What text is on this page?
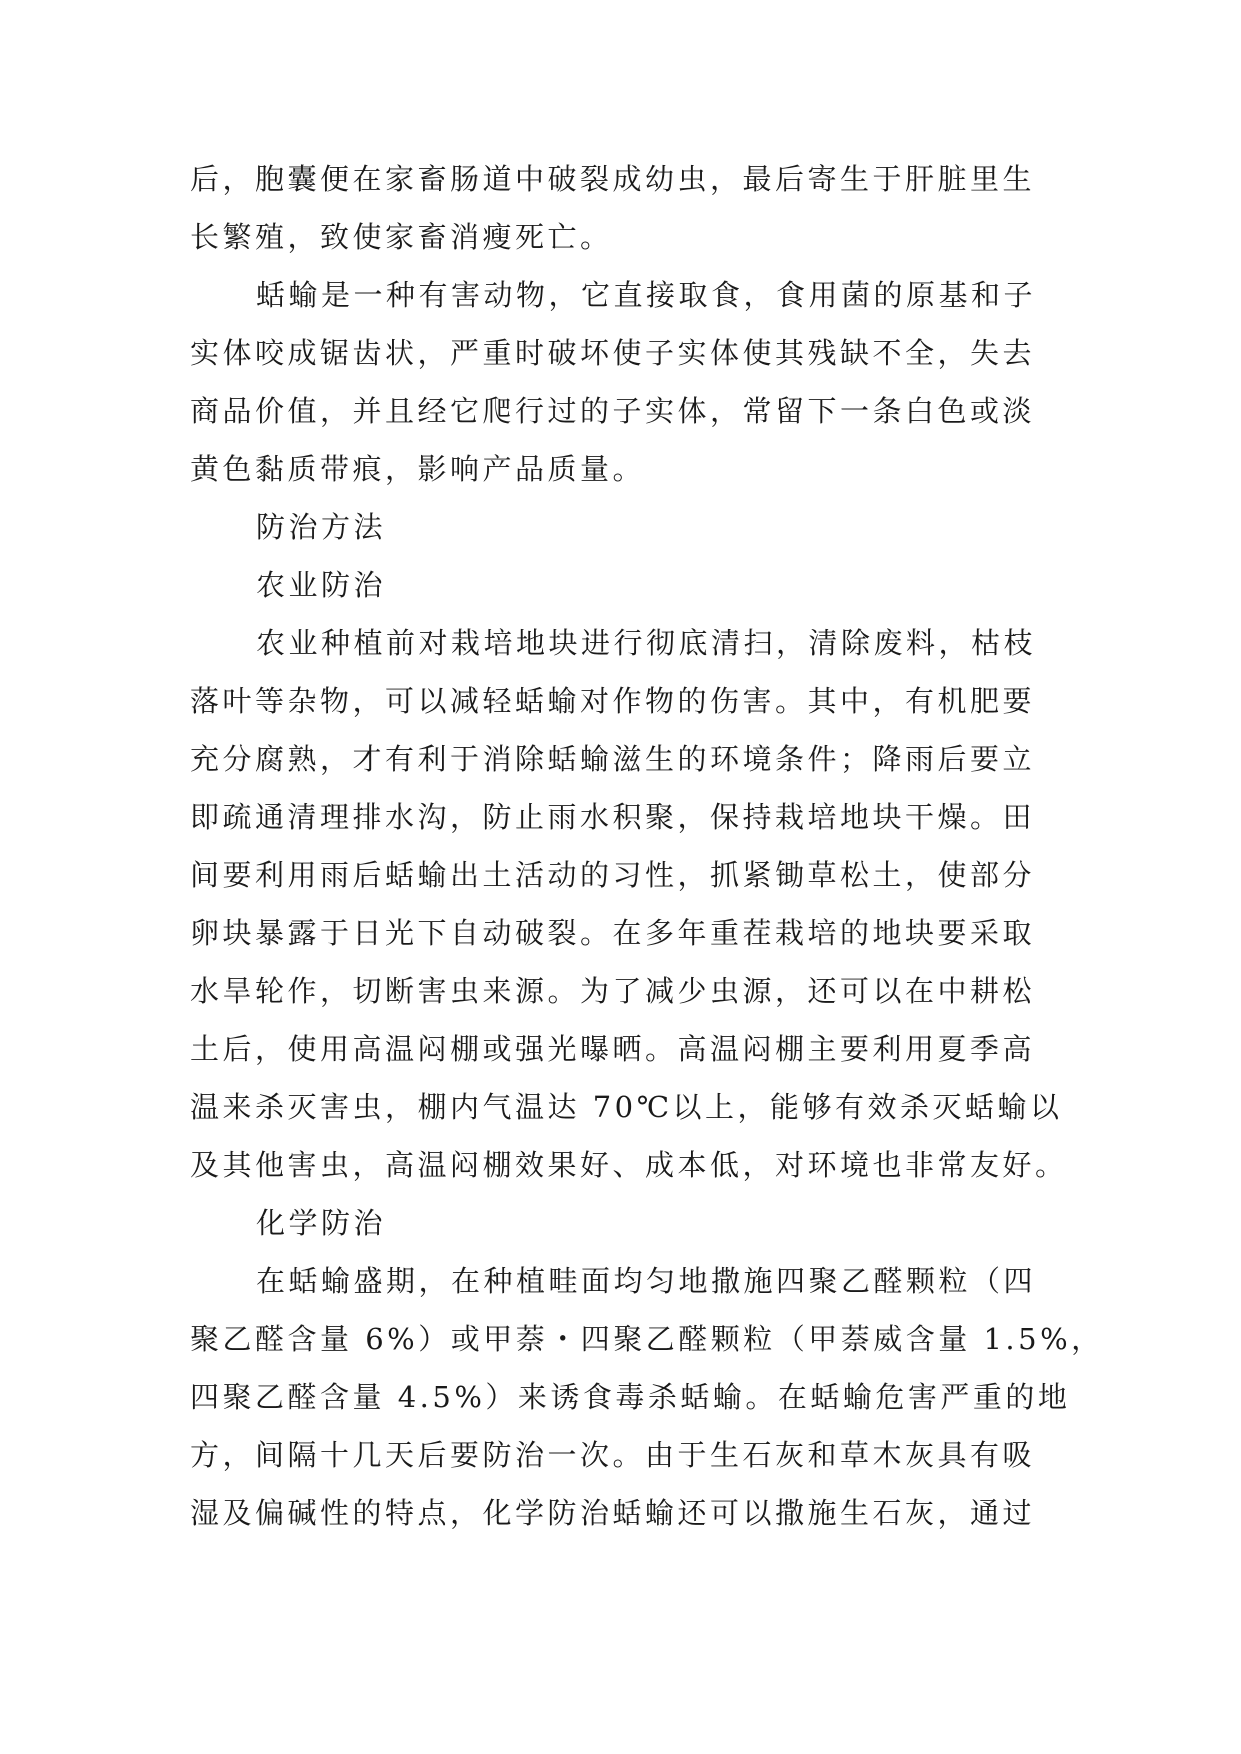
后，胞囊便在家畜肠道中破裂成幼虫，最后寄生于肝脏里生
长繁殖，致使家畜消瘦死亡。
蛞蝓是一种有害动物，它直接取食，食用菌的原基和子
实体咬成锯齿状，严重时破坏使子实体使其残缺不全，失去
商品价值，并且经它爬行过的子实体，常留下一条白色或淡
黄色黏质带痕，影响产品质量。
防治方法
农业防治
农业种植前对栽培地块进行彻底清扫，清除废料，枯枝
落叶等杂物，可以减轻蛞蝓对作物的伤害。其中，有机肥要
充分腐熟，才有利于消除蛞蝓滋生的环境条件；降雨后要立
即疏通清理排水沟，防止雨水积聚，保持栽培地块干燥。田
间要利用雨后蛞蝓出土活动的习性，抓紧锄草松土，使部分
卵块暴露于日光下自动破裂。在多年重茬栽培的地块要采取
水旱轮作，切断害虫来源。为了减少虫源，还可以在中耕松
土后，使用高温闷棚或强光曝晒。高温闷棚主要利用夏季高
温来杀灭害虫，棚内气温达 70℃以上，能够有效杀灭蛞蝓以
及其他害虫，高温闷棚效果好、成本低，对环境也非常友好。
化学防治
在蛞蝓盛期，在种植畦面均匀地撒施四聚乙醛颗粒（四
聚乙醛含量 6%）或甲萘・四聚乙醛颗粒（甲萘威含量 1.5%，
四聚乙醛含量 4.5%）来诱食毒杀蛞蝓。在蛞蝓危害严重的地
方，间隔十几天后要防治一次。由于生石灰和草木灰具有吸
湿及偏碱性的特点，化学防治蛞蝓还可以撒施生石灰，通过
